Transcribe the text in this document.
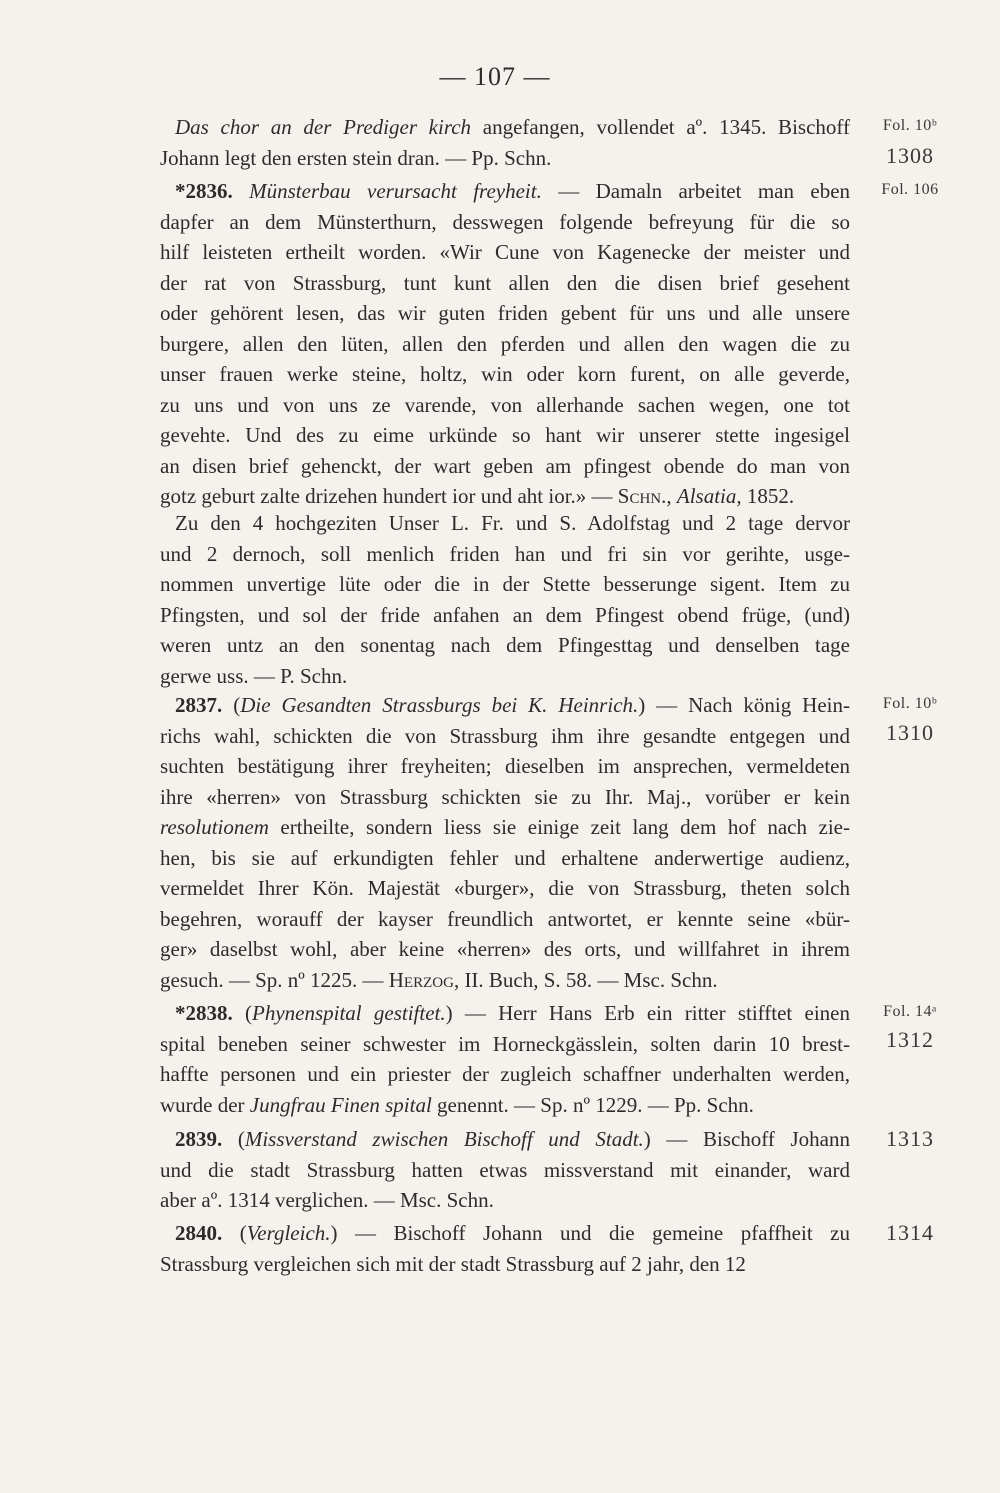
— 107 —
Das chor an der Prediger kirch angefangen, vollendet aº. 1345. Bischoff
Johann legt den ersten stein dran. — Pp. Schn.
*2836. Münsterbau verursacht freyheit. — Damaln arbeitet man eben
dapfer an dem Münsterthurn, desswegen folgende befreyung für die so
hilf leisteten ertheilt worden. «Wir Cune von Kagenecke der meister und
der rat von Strassburg, tunt kunt allen den die disen brief gesehent
oder gehörent lesen, das wir guten friden gebent für uns und alle unsere
burgere, allen den lüten, allen den pferden und allen den wagen die zu
unser frauen werke steine, holtz, win oder korn furent, on alle geverde,
zu uns und von uns ze varende, von allerhande sachen wegen, one tot
gevehte. Und des zu eime urkünde so hant wir unserer stette ingesigel
an disen brief gehenckt, der wart geben am pfingest obende do man von
gotz geburt zalte drizehen hundert ior und aht ior.» — Schn., Alsatia, 1852.
Zu den 4 hochgeziten Unser L. Fr. und S. Adolfstag und 2 tage dervor
und 2 dernoch, soll menlich friden han und fri sin vor gerihte, usge-
nommen unvertige lüte oder die in der Stette besserunge sigent. Item zu
Pfingsten, und sol der fride anfahen an dem Pfingest obend früge, (und)
weren untz an den sonentag nach dem Pfingesttag und denselben tage
gerwe uss. — P. Schn.
2837. (Die Gesandten Strassburgs bei K. Heinrich.) — Nach könig Hein-
richs wahl, schickten die von Strassburg ihm ihre gesandte entgegen und
suchten bestätigung ihrer freyheiten; dieselben im ansprechen, vermeldeten
ihre «herren» von Strassburg schickten sie zu Ihr. Maj., vorüber er kein
resolutionem ertheilte, sondern liess sie einige zeit lang dem hof nach zie-
hen, bis sie auf erkundigten fehler und erhaltene anderwertige audienz,
vermeldet Ihrer Kön. Majestät «burger», die von Strassburg, theten solch
begehren, worauff der kayser freundlich antwortet, er kennte seine «bür-
ger» daselbst wohl, aber keine «herren» des orts, und willfahret in ihrem
gesuch. — Sp. nº 1225. — Herzog, II. Buch, S. 58. — Msc. Schn.
*2838. (Phynenspital gestiftet.) — Herr Hans Erb ein ritter stifftet einen
spital beneben seiner schwester im Horneckgässlein, solten darin 10 brest-
haffte personen und ein priester der zugleich schaffner underhalten werden,
wurde der Jungfrau Finen spital genennt. — Sp. nº 1229. — Pp. Schn.
2839. (Missverstand zwischen Bischoff und Stadt.) — Bischoff Johann
und die stadt Strassburg hatten etwas missverstand mit einander, ward
aber aº. 1314 verglichen. — Msc. Schn.
2840. (Vergleich.) — Bischoff Johann und die gemeine pfaffheit zu
Strassburg vergleichen sich mit der stadt Strassburg auf 2 jahr, den 12
Fol. 10ᵇ
1308
Fol. 106
Fol. 10ᵇ
1310
Fol. 14ᵃ
1312
1313
1314
